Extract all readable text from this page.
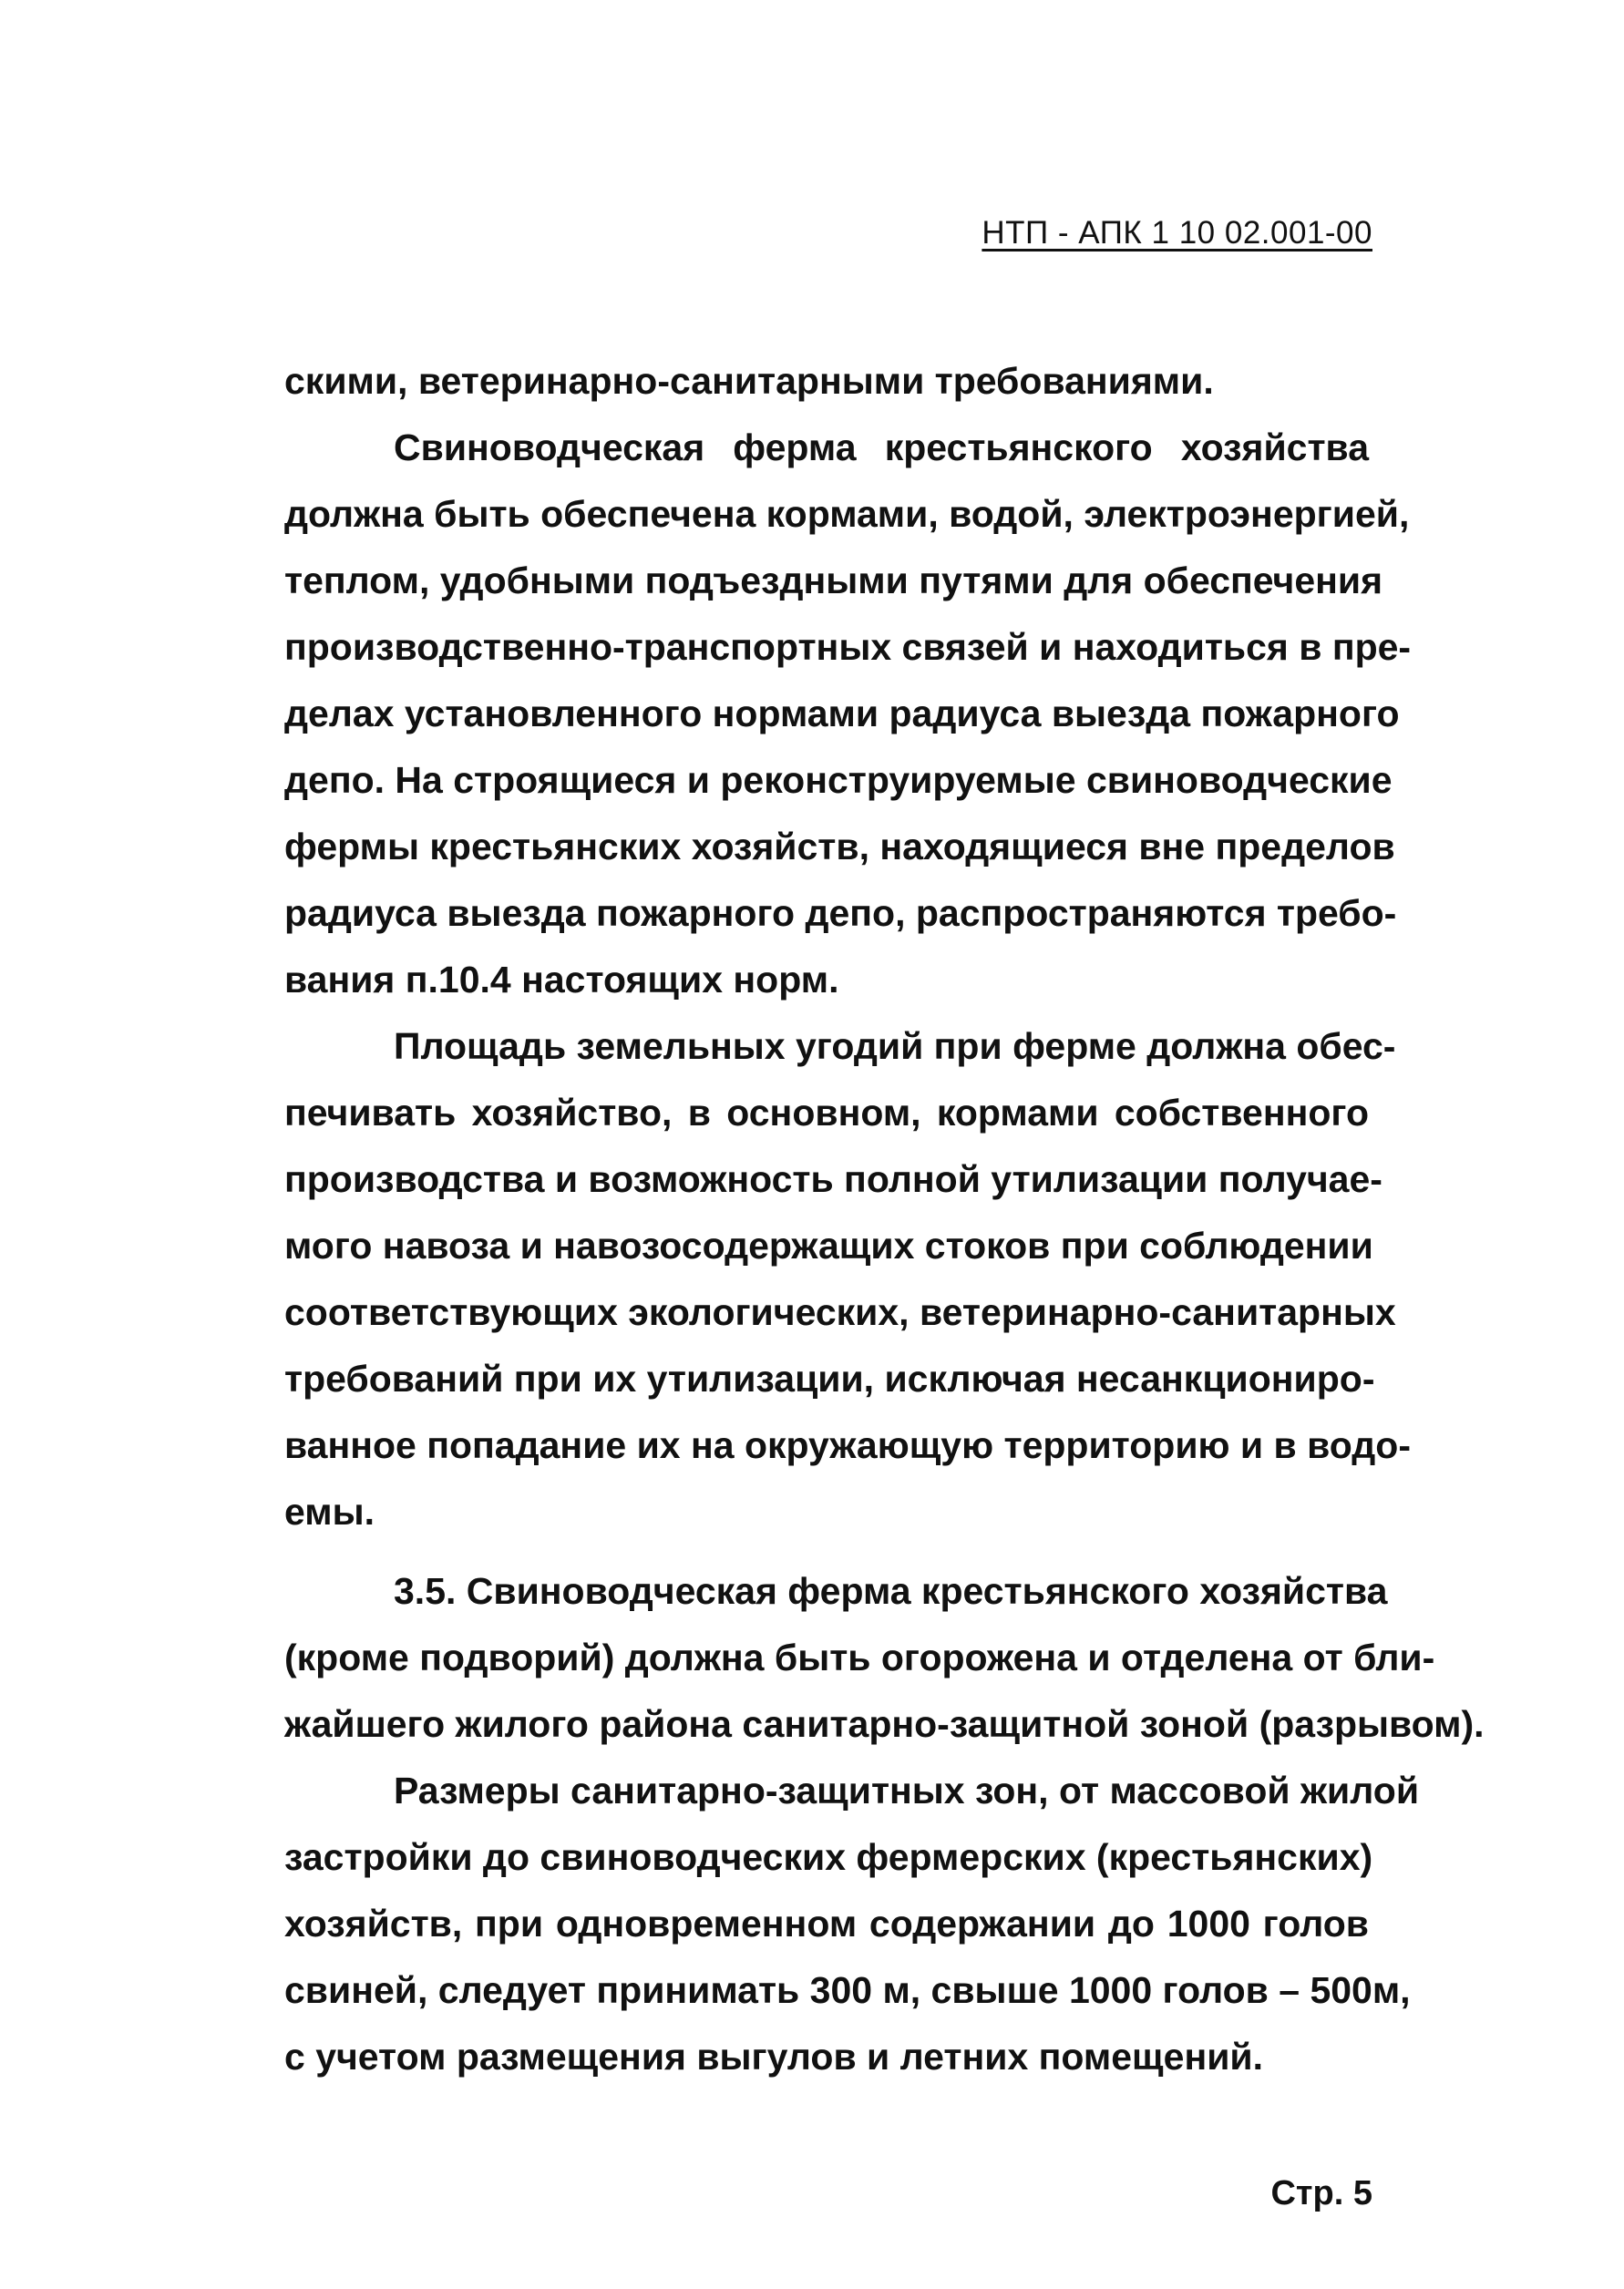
НТП - АПК 1 10 02.001-00
скими, ветеринарно-санитарными требованиями.
Свиноводческая ферма крестьянского хозяйства
должна быть обеспечена кормами, водой, электроэнергией,
теплом, удобными подъездными путями для обеспечения
производственно-транспортных связей и находиться в пре-
делах установленного нормами радиуса выезда пожарного
депо. На строящиеся и реконструируемые свиноводческие
фермы крестьянских хозяйств, находящиеся вне пределов
радиуса выезда пожарного депо, распространяются требо-
вания п.10.4 настоящих норм.
Площадь земельных угодий при ферме должна обес-
печивать хозяйство, в основном, кормами собственного
производства и возможность полной утилизации получае-
мого навоза и навозосодержащих стоков при соблюдении
соответствующих экологических, ветеринарно-санитарных
требований при их утилизации, исключая несанкциониро-
ванное попадание их на окружающую территорию и в водо-
емы.
3.5. Свиноводческая ферма крестьянского хозяйства
(кроме подворий) должна быть огорожена и отделена от бли-
жайшего жилого района санитарно-защитной зоной (разрывом).
Размеры санитарно-защитных зон, от массовой жилой
застройки до свиноводческих фермерских (крестьянских)
хозяйств, при одновременном содержании до 1000 голов
свиней, следует принимать 300 м, свыше 1000 голов – 500м,
с учетом размещения выгулов и летних помещений.
Стр. 5
